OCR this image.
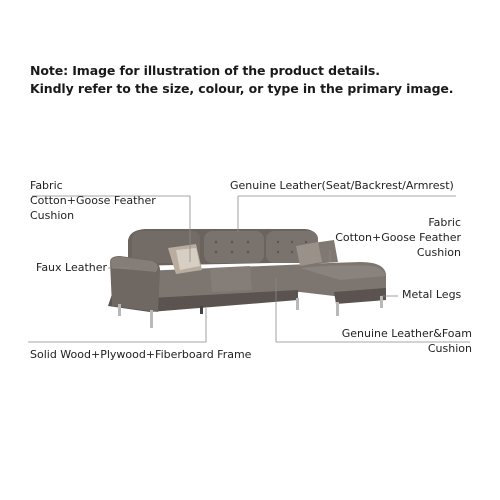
Note: Image for illustration of the product details.
Kindly refer to the size, colour, or type in the primary image.
Fabric
Cotton+Goose Feather
Cushion
Faux Leather
Solid Wood+Plywood+Fiberboard Frame
Genuine Leather(Seat/Backrest/Armrest)
Fabric
Cotton+Goose Feather
Cushion
Metal Legs
Genuine Leather&Foam
Cushion
